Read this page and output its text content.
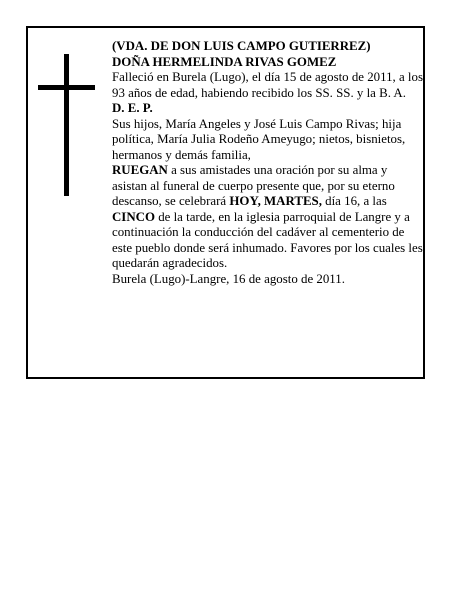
(VDA. DE DON LUIS CAMPO GUTIERREZ)

DOÑA HERMELINDA RIVAS GOMEZ

Falleció en Burela (Lugo), el día 15 de agosto de 2011, a los 93 años de edad, habiendo recibido los SS. SS. y la B. A.

D. E. P.

Sus hijos, María Angeles y José Luis Campo Rivas; hija política, María Julia Rodeño Ameyugo; nietos, bisnietos, hermanos y demás familia,

RUEGAN a sus amistades una oración por su alma y asistan al funeral de cuerpo presente que, por su eterno descanso, se celebrará HOY, MARTES, día 16, a las CINCO de la tarde, en la iglesia parroquial de Langre y a continuación la conducción del cadáver al cementerio de este pueblo donde será inhumado. Favores por los cuales les quedarán agradecidos.

Burela (Lugo)-Langre, 16 de agosto de 2011.
